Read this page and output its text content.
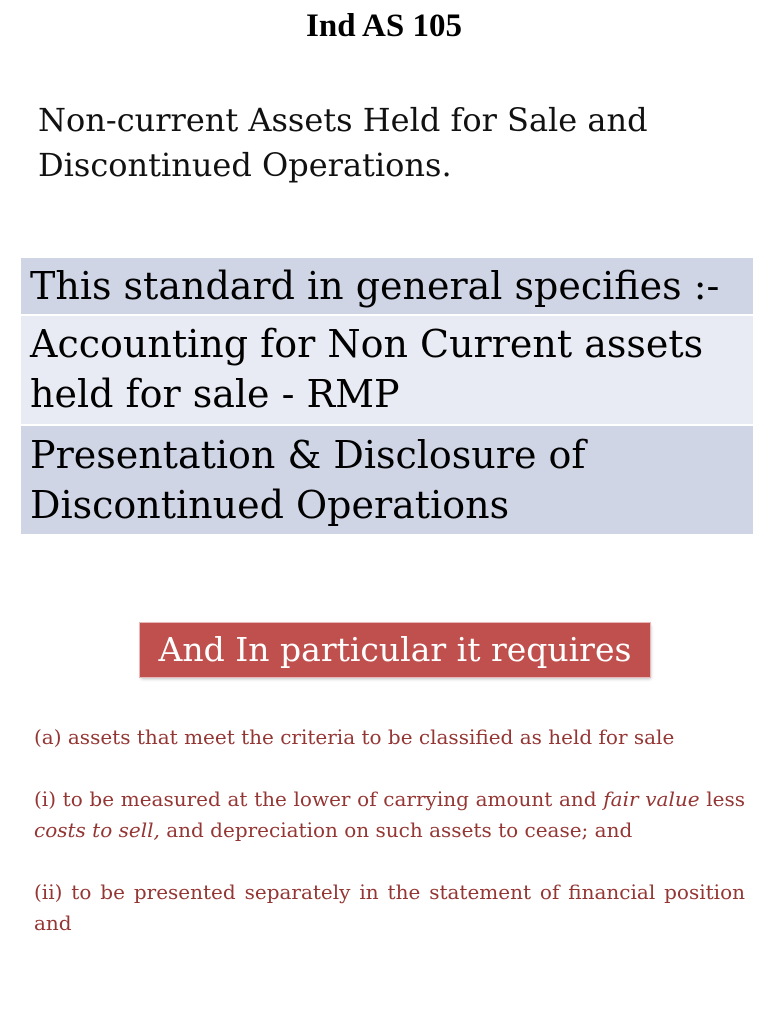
Ind AS 105
Non-current Assets Held for Sale and
Discontinued Operations.
This standard in general specifies :-
Accounting for Non Current assets
held for sale - RMP
Presentation & Disclosure of
Discontinued Operations
And In particular it requires

(a) assets that meet the criteria to be classified as held for sale

(i) to be measured at the lower of carrying amount and fair value less costs to sell, and depreciation on such assets to cease; and

(ii) to be presented separately in the statement of financial position and
